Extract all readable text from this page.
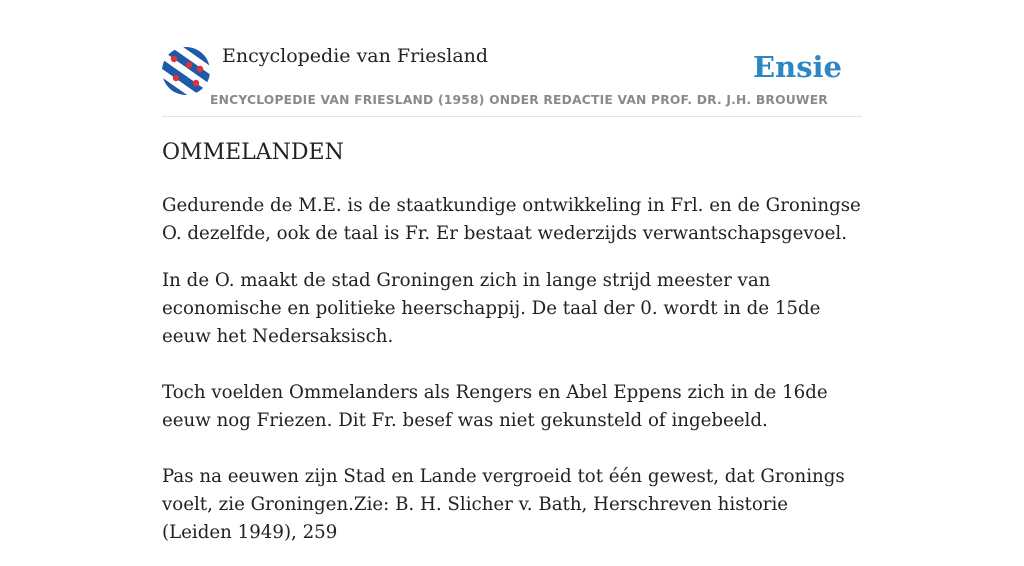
Encyclopedie van Friesland
ENCYCLOPEDIE VAN FRIESLAND (1958) ONDER REDACTIE VAN PROF. DR. J.H. BROUWER
Ensie
OMMELANDEN

Gedurende de M.E. is de staatkundige ontwikkeling in Frl. en de Groningse O. dezelfde, ook de taal is Fr. Er bestaat wederzijds verwantschapsgevoel.

In de O. maakt de stad Groningen zich in lange strijd meester van economische en politieke heerschappij. De taal der 0. wordt in de 15de eeuw het Nedersaksisch.

Toch voelden Ommelanders als Rengers en Abel Eppens zich in de 16de eeuw nog Friezen. Dit Fr. besef was niet gekunsteld of ingebeeld.

Pas na eeuwen zijn Stad en Lande vergroeid tot één gewest, dat Gronings voelt, zie Groningen.Zie: B. H. Slicher v. Bath, Herschreven historie (Leiden 1949), 259
